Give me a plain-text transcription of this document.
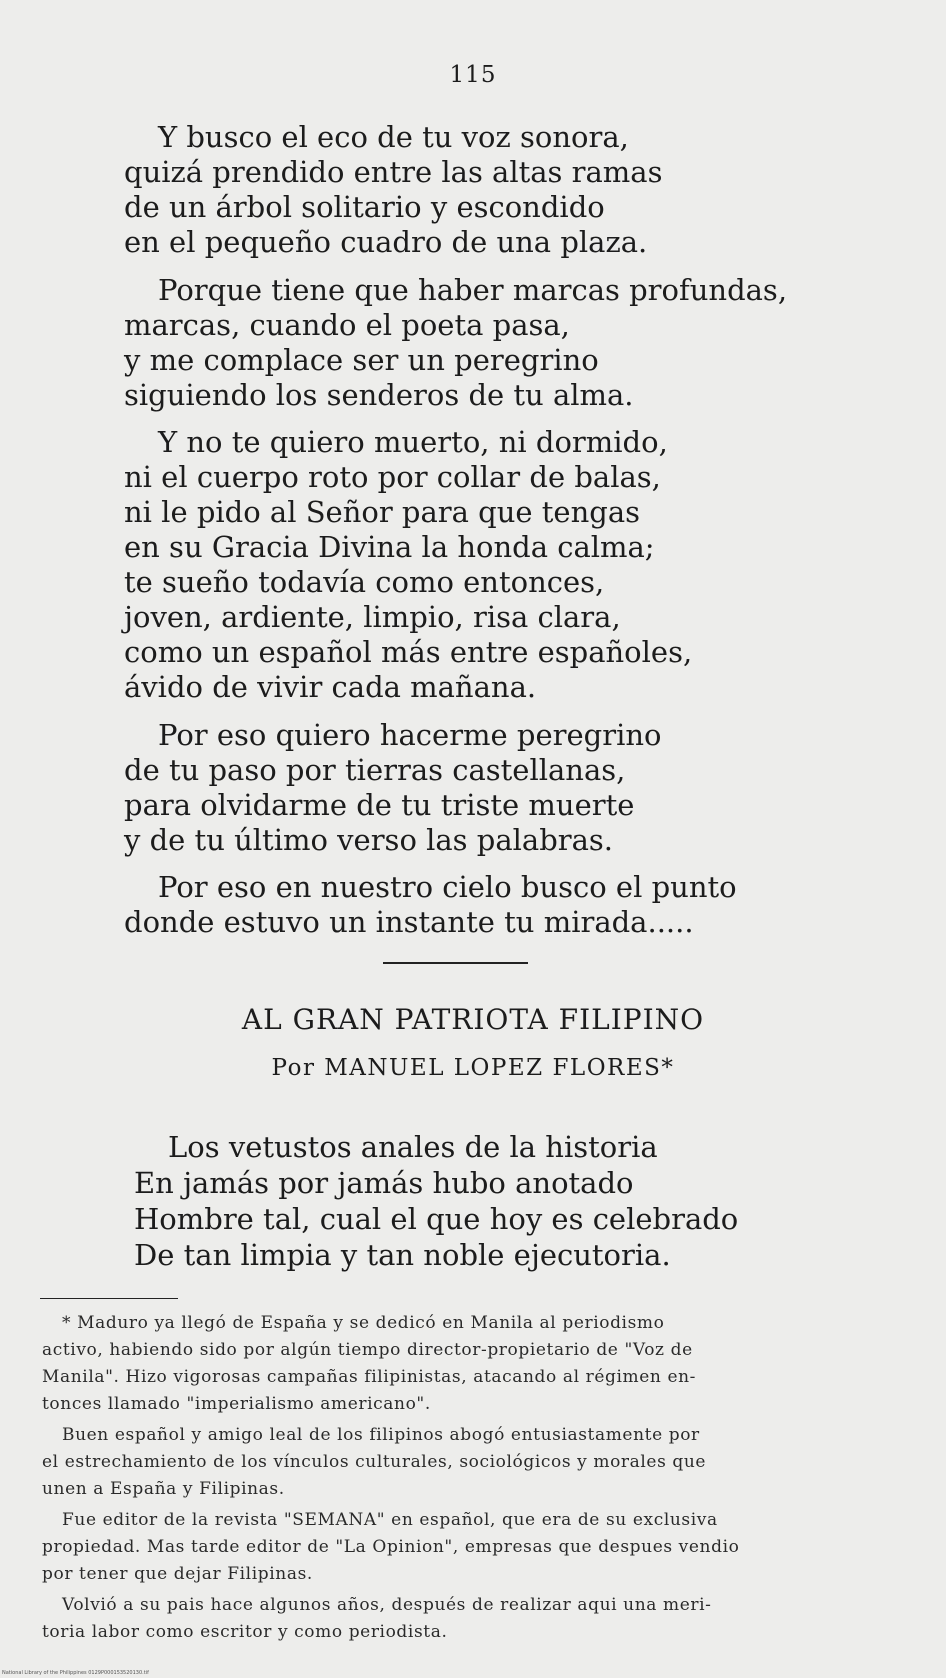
115
Y busco el eco de tu voz sonora,
quizá prendido entre las altas ramas
de un árbol solitario y escondido
en el pequeño cuadro de una plaza.
Porque tiene que haber marcas profundas,
marcas, cuando el poeta pasa,
y me complace ser un peregrino
siguiendo los senderos de tu alma.
Y no te quiero muerto, ni dormido,
ni el cuerpo roto por collar de balas,
ni le pido al Señor para que tengas
en su Gracia Divina la honda calma;
te sueño todavía como entonces,
joven, ardiente, limpio, risa clara,
como un español más entre españoles,
ávido de vivir cada mañana.
Por eso quiero hacerme peregrino
de tu paso por tierras castellanas,
para olvidarme de tu triste muerte
y de tu último verso las palabras.
Por eso en nuestro cielo busco el punto
donde estuvo un instante tu mirada.....
AL GRAN PATRIOTA FILIPINO
Por MANUEL LOPEZ FLORES*
Los vetustos anales de la historia
En jamás por jamás hubo anotado
Hombre tal, cual el que hoy es celebrado
De tan limpia y tan noble ejecutoria.
* Maduro ya llegó de España y se dedicó en Manila al periodismo
activo, habiendo sido por algún tiempo director-propietario de "Voz de
Manila". Hizo vigorosas campañas filipinistas, atacando al régimen en-
tonces llamado "imperialismo americano".
Buen español y amigo leal de los filipinos abogó entusiastamente por
el estrechamiento de los vínculos culturales, sociológicos y morales que
unen a España y Filipinas.
Fue editor de la revista "SEMANA" en español, que era de su exclusiva
propiedad. Mas tarde editor de "La Opinion", empresas que despues vendio
por tener que dejar Filipinas.
Volvió a su pais hace algunos años, después de realizar aqui una meri-
toria labor como escritor y como periodista.
National Library of the Philippines 0129P000153520130.tif
